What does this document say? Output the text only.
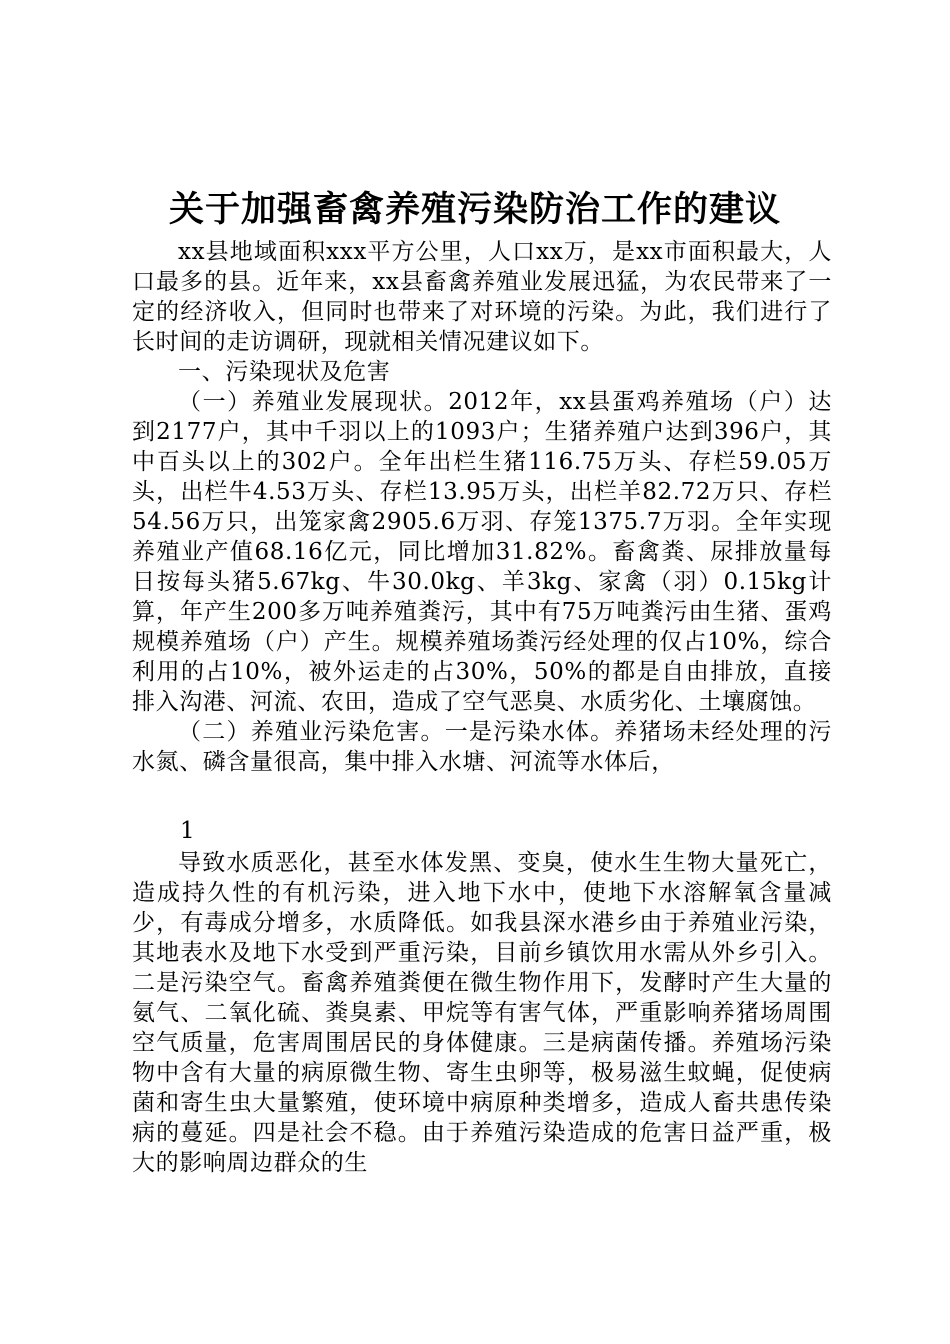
关于加强畜禽养殖污染防治工作的建议

xx县地域面积xxx平方公里，人口xx万，是xx市面积最大，人口最多的县。近年来，xx县畜禽养殖业发展迅猛，为农民带来了一定的经济收入，但同时也带来了对环境的污染。为此，我们进行了长时间的走访调研，现就相关情况建议如下。

一、污染现状及危害

（一）养殖业发展现状。2012年，xx县蛋鸡养殖场（户）达到2177户，其中千羽以上的1093户；生猪养殖户达到396户，其中百头以上的302户。全年出栏生猪116.75万头、存栏59.05万头，出栏牛4.53万头、存栏13.95万头，出栏羊82.72万只、存栏54.56万只，出笼家禽2905.6万羽、存笼1375.7万羽。全年实现养殖业产值68.16亿元，同比增加31.82%。畜禽粪、尿排放量每日按每头猪5.67kg、牛30.0kg、羊3kg、家禽（羽）0.15kg计算，年产生200多万吨养殖粪污，其中有75万吨粪污由生猪、蛋鸡规模养殖场（户）产生。规模养殖场粪污经处理的仅占10%，综合利用的占10%，被外运走的占30%，50%的都是自由排放，直接排入沟港、河流、农田，造成了空气恶臭、水质劣化、土壤腐蚀。

（二）养殖业污染危害。一是污染水体。养猪场未经处理的污水氮、磷含量很高，集中排入水塘、河流等水体后，

1

导致水质恶化，甚至水体发黑、变臭，使水生生物大量死亡，造成持久性的有机污染，进入地下水中，使地下水溶解氧含量减少，有毒成分增多，水质降低。如我县深水港乡由于养殖业污染，其地表水及地下水受到严重污染，目前乡镇饮用水需从外乡引入。二是污染空气。畜禽养殖粪便在微生物作用下，发酵时产生大量的氨气、二氧化硫、粪臭素、甲烷等有害气体，严重影响养猪场周围空气质量，危害周围居民的身体健康。三是病菌传播。养殖场污染物中含有大量的病原微生物、寄生虫卵等，极易滋生蚊蝇，促使病菌和寄生虫大量繁殖，使环境中病原种类增多，造成人畜共患传染病的蔓延。四是社会不稳。由于养殖污染造成的危害日益严重，极大的影响周边群众的生
